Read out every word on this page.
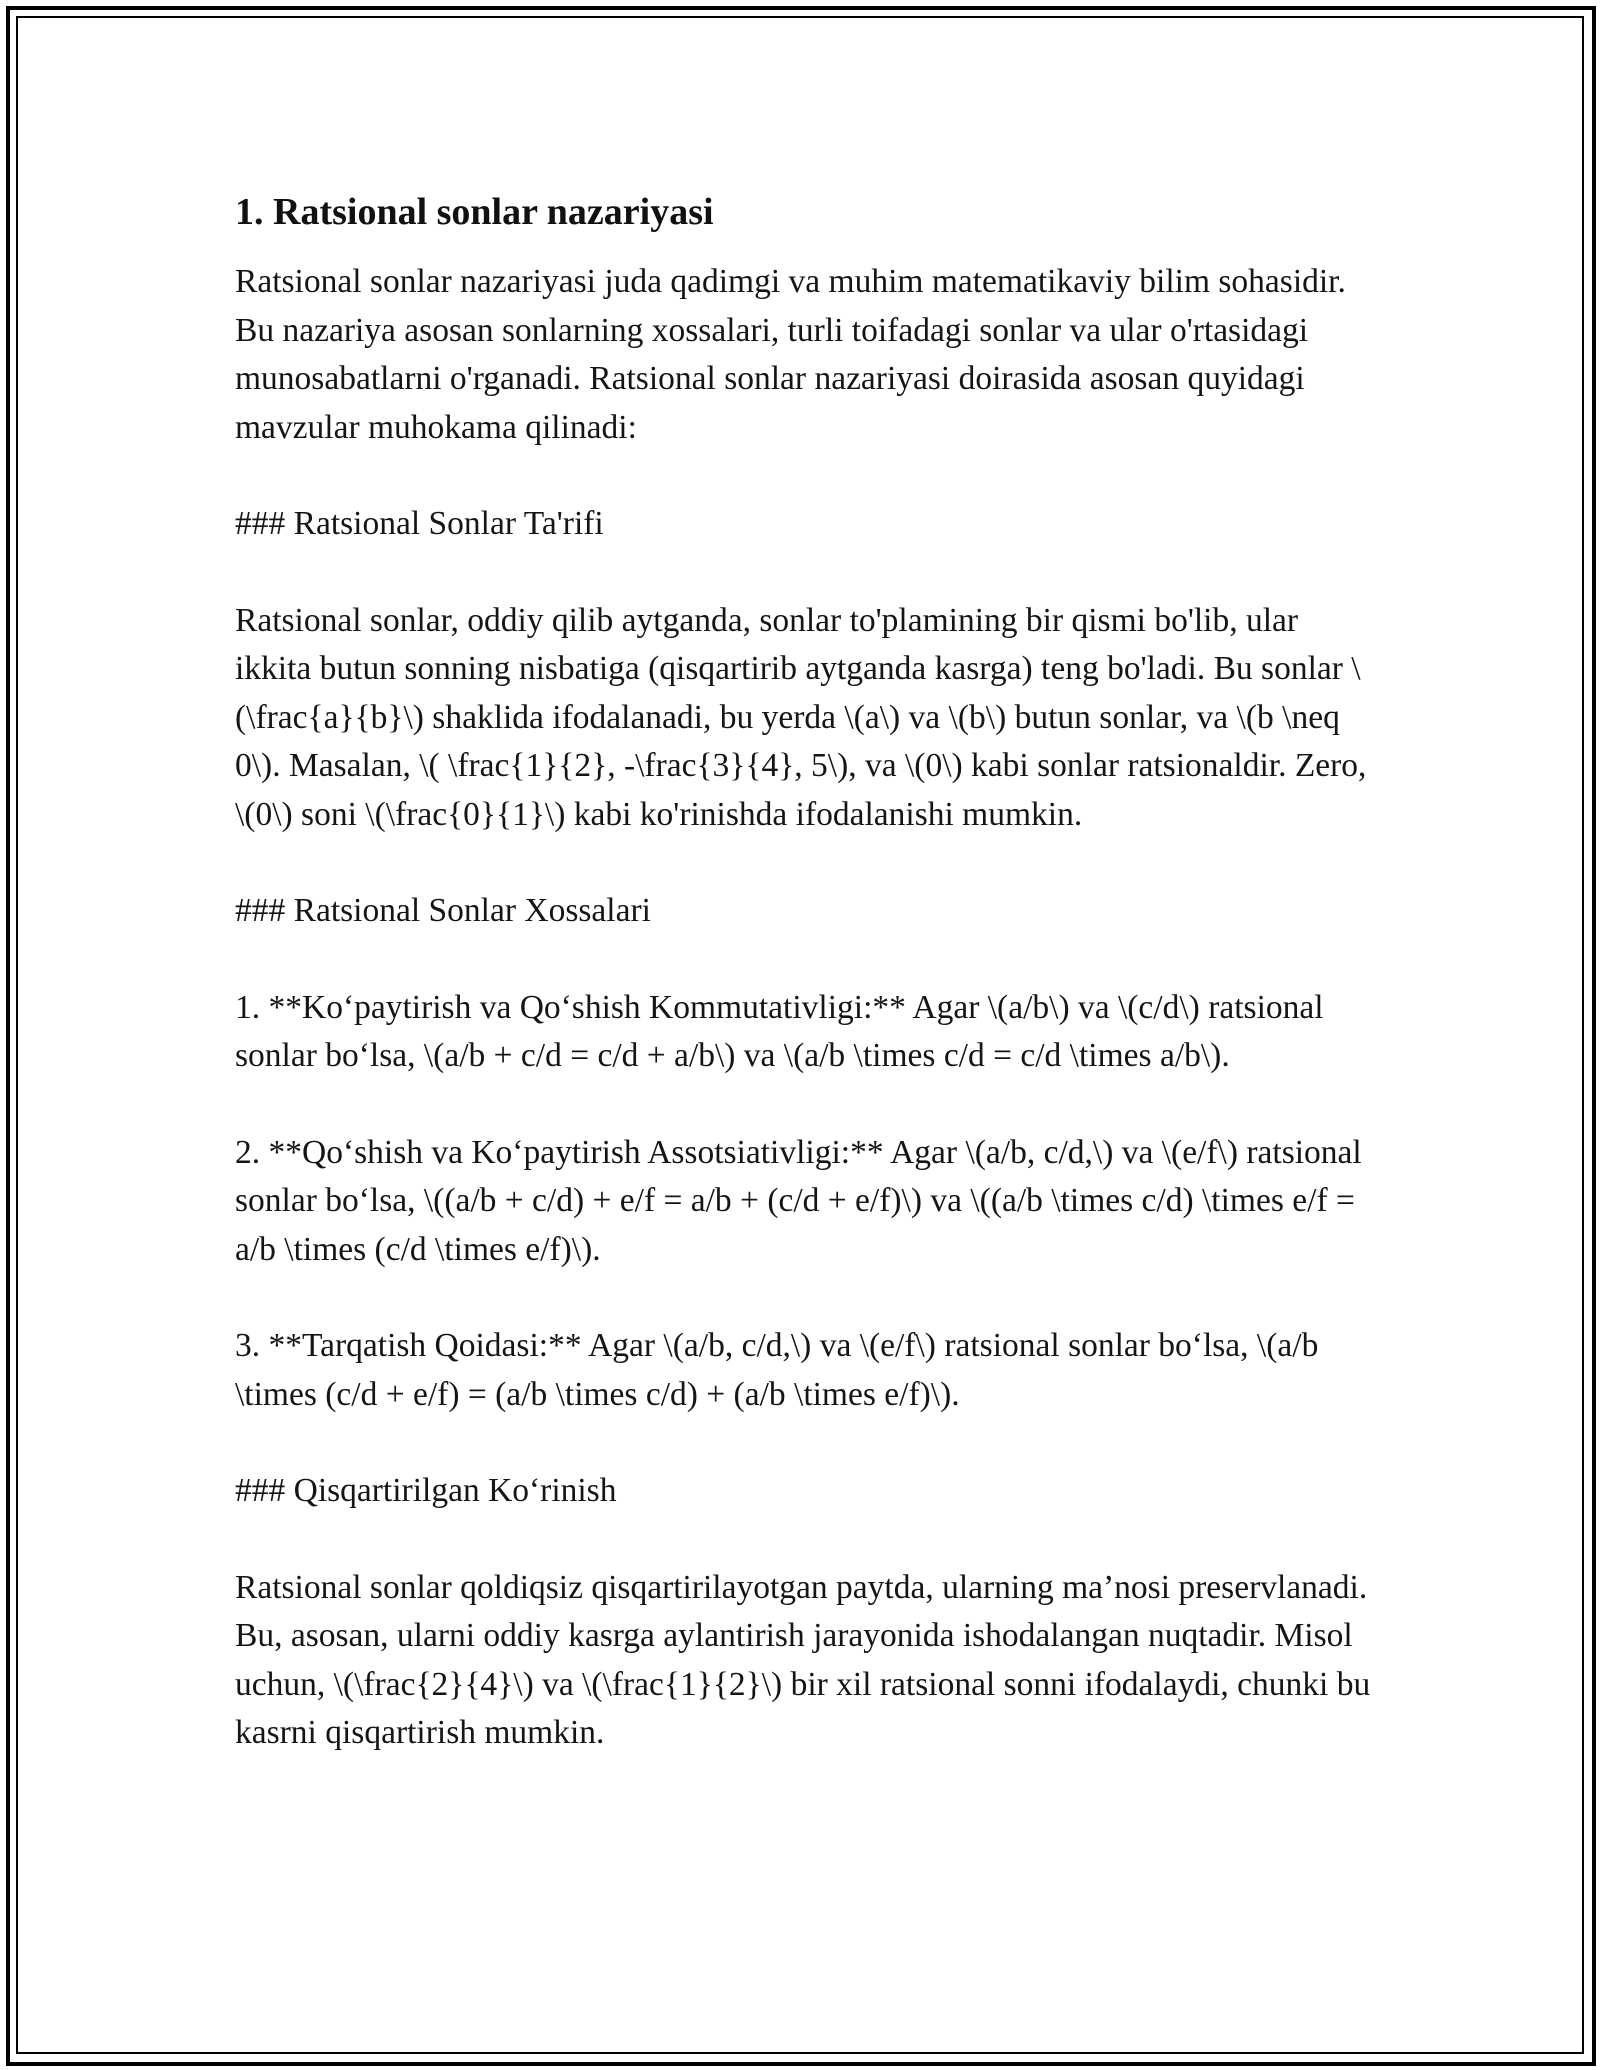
1. Ratsional sonlar nazariyasi

Ratsional sonlar nazariyasi juda qadimgi va muhim matematikaviy bilim sohasidir. Bu nazariya asosan sonlarning xossalari, turli toifadagi sonlar va ular o'rtasidagi munosabatlarni o'rganadi. Ratsional sonlar nazariyasi doirasida asosan quyidagi mavzular muhokama qilinadi:

### Ratsional Sonlar Ta'rifi

Ratsional sonlar, oddiy qilib aytganda, sonlar to'plamining bir qismi bo'lib, ular ikkita butun sonning nisbatiga (qisqartirib aytganda kasrga) teng bo'ladi. Bu sonlar \(\frac{a}{b}\) shaklida ifodalanadi, bu yerda \(a\) va \(b\) butun sonlar, va \(b \neq 0\). Masalan, \( \frac{1}{2}, -\frac{3}{4}, 5\), va \(0\) kabi sonlar ratsionaldir. Zero, \(0\) soni \(\frac{0}{1}\) kabi ko'rinishda ifodalanishi mumkin.

### Ratsional Sonlar Xossalari

1. **Ko‘paytirish va Qo‘shish Kommutativligi:** Agar \(a/b\) va \(c/d\) ratsional sonlar bo‘lsa, \(a/b + c/d = c/d + a/b\) va \(a/b \times c/d = c/d \times a/b\).

2. **Qo‘shish va Ko‘paytirish Assotsiativligi:** Agar \(a/b, c/d,\) va \(e/f\) ratsional sonlar bo‘lsa, \((a/b + c/d) + e/f = a/b + (c/d + e/f)\) va \((a/b \times c/d) \times e/f = a/b \times (c/d \times e/f)\).

3. **Tarqatish Qoidasi:** Agar \(a/b, c/d,\) va \(e/f\) ratsional sonlar bo‘lsa, \(a/b \times (c/d + e/f) = (a/b \times c/d) + (a/b \times e/f)\).

### Qisqartirilgan Ko‘rinish

Ratsional sonlar qoldiqsiz qisqartirilayotgan paytda, ularning ma’nosi preservlanadi. Bu, asosan, ularni oddiy kasrga aylantirish jarayonida ishodalangan nuqtadir. Misol uchun, \(\frac{2}{4}\) va \(\frac{1}{2}\) bir xil ratsional sonni ifodalaydi, chunki bu kasrni qisqartirish mumkin.
